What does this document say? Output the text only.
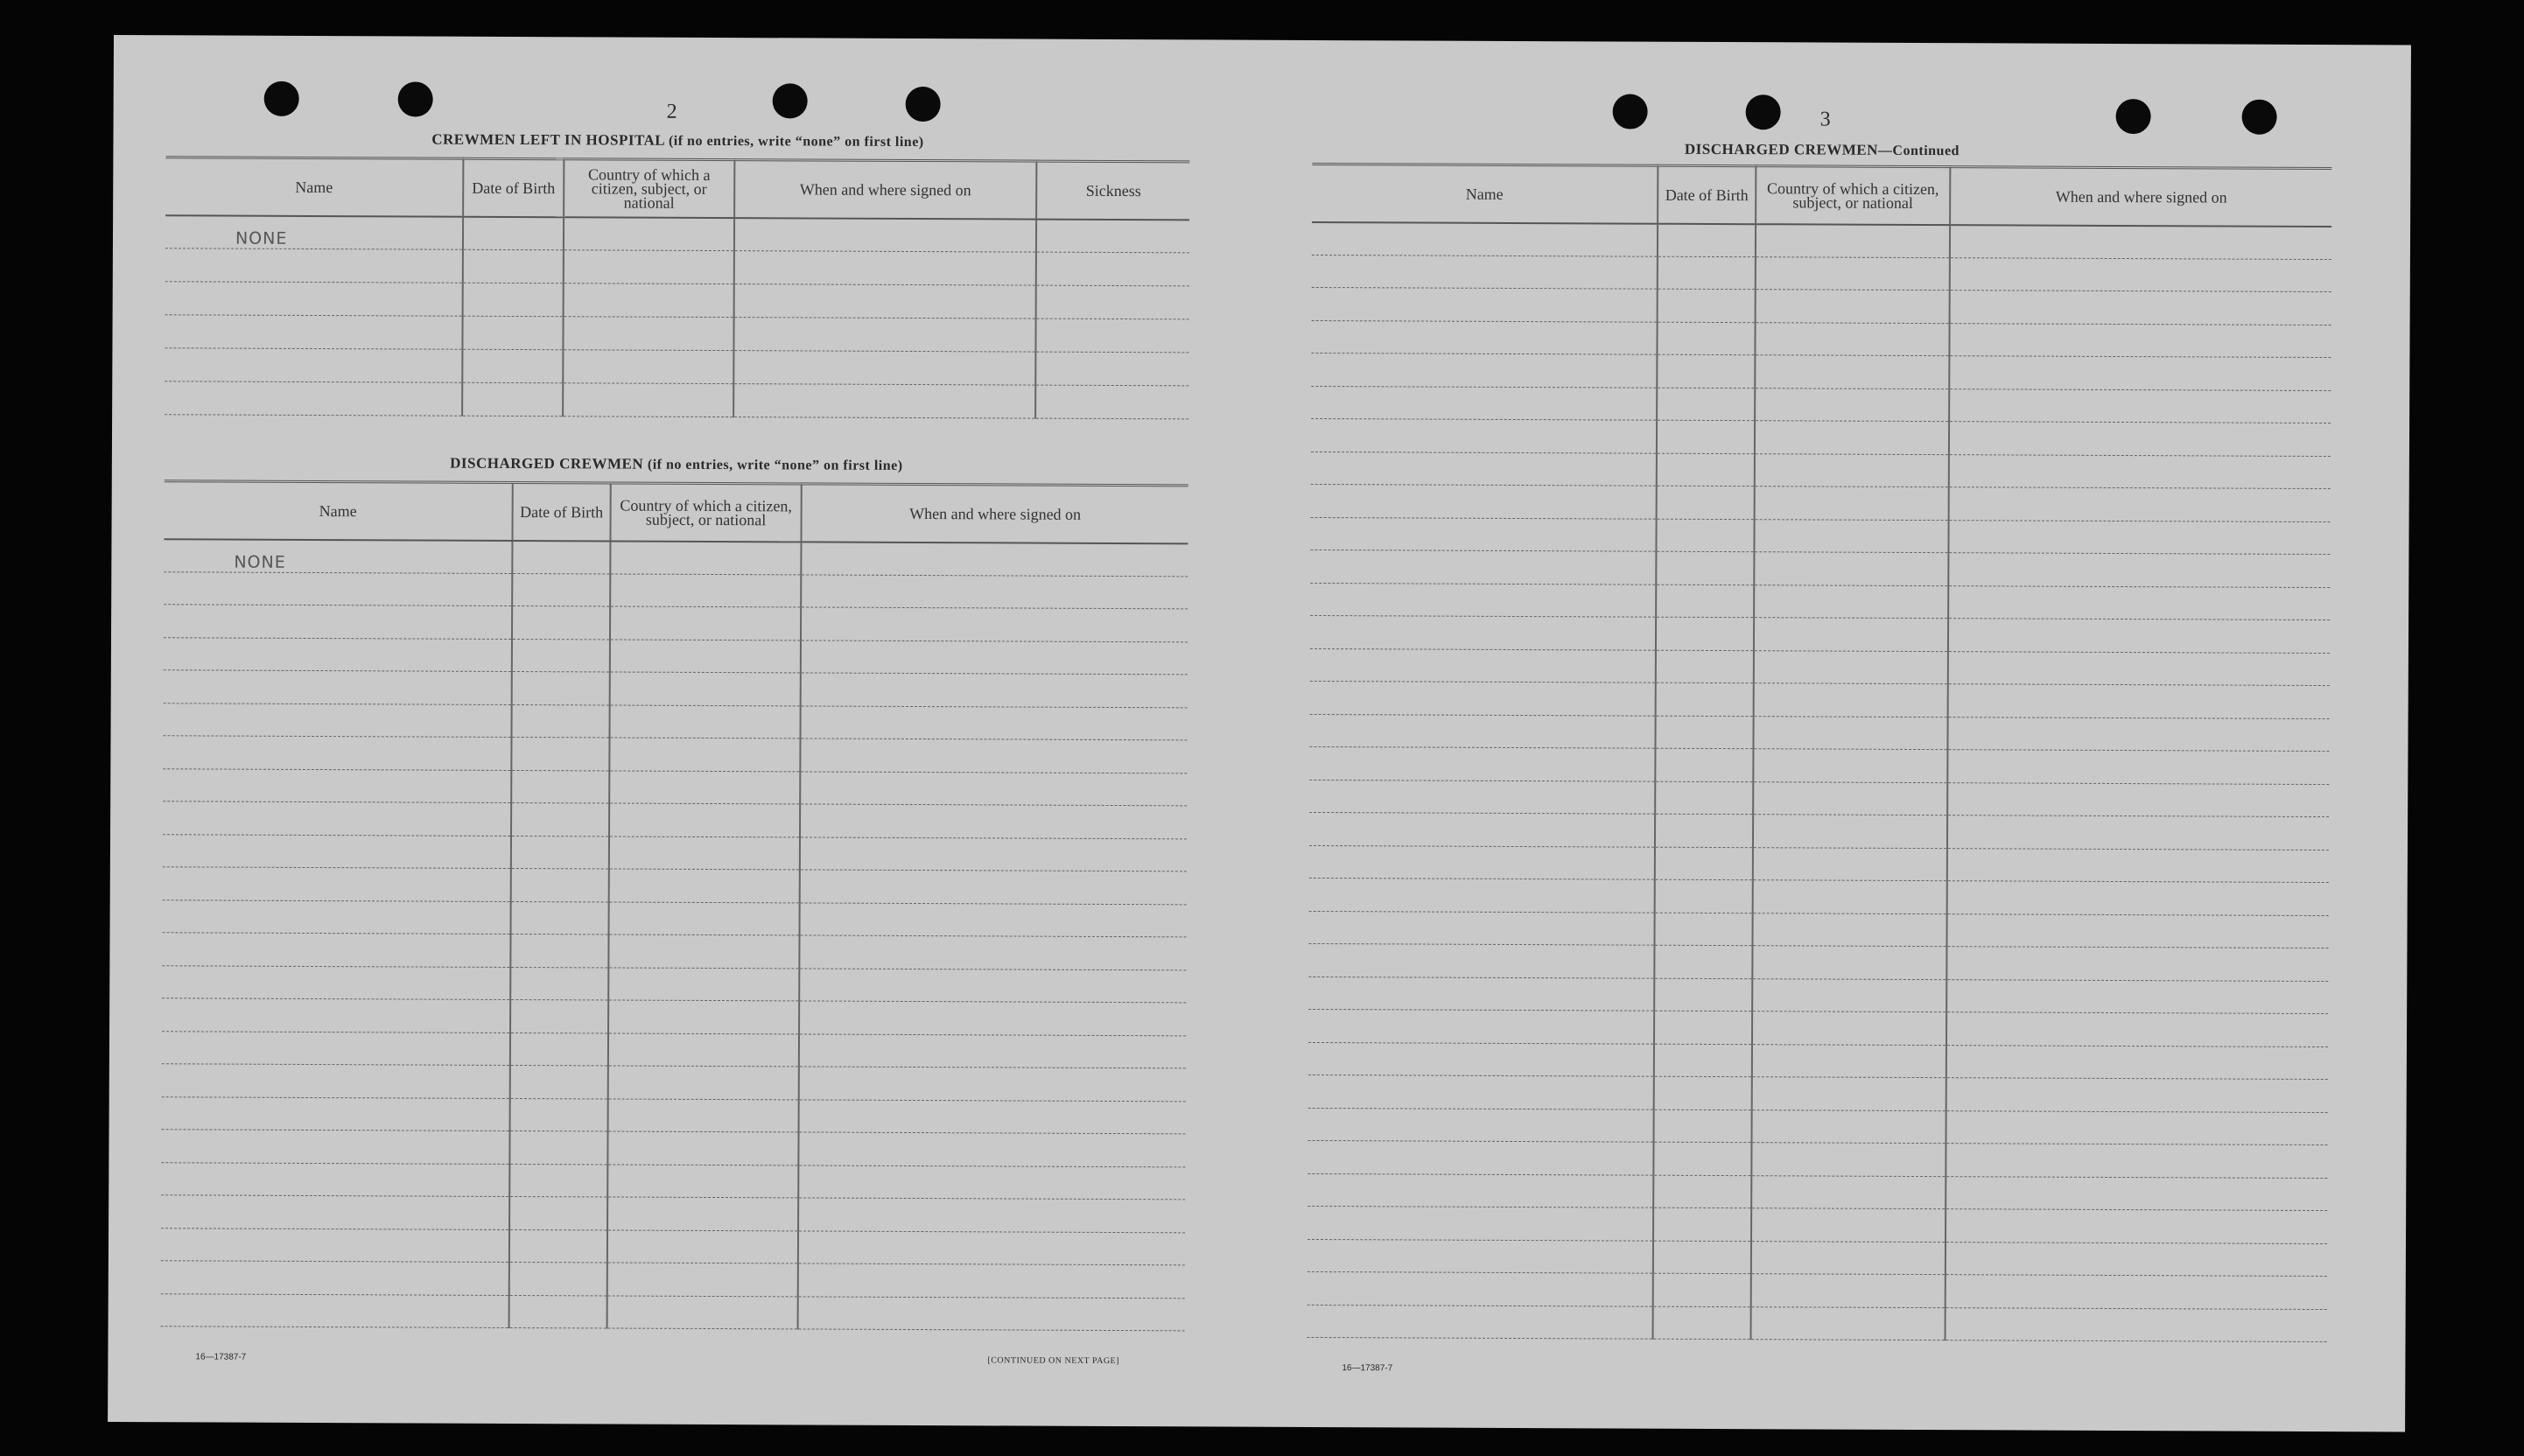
2
CREWMEN LEFT IN HOSPITAL (if no entries, write “none” on first line)
Name	Date of Birth	Country of which a citizen, subject, or national	When and where signed on	Sickness
NONE				

DISCHARGED CREWMEN (if no entries, write “none” on first line)
Name	Date of Birth	Country of which a citizen, subject, or national	When and where signed on
NONE			

16—17387-7	[CONTINUED ON NEXT PAGE]
3
DISCHARGED CREWMEN—Continued
Name	Date of Birth	Country of which a citizen, subject, or national	When and where signed on

16—17387-7
